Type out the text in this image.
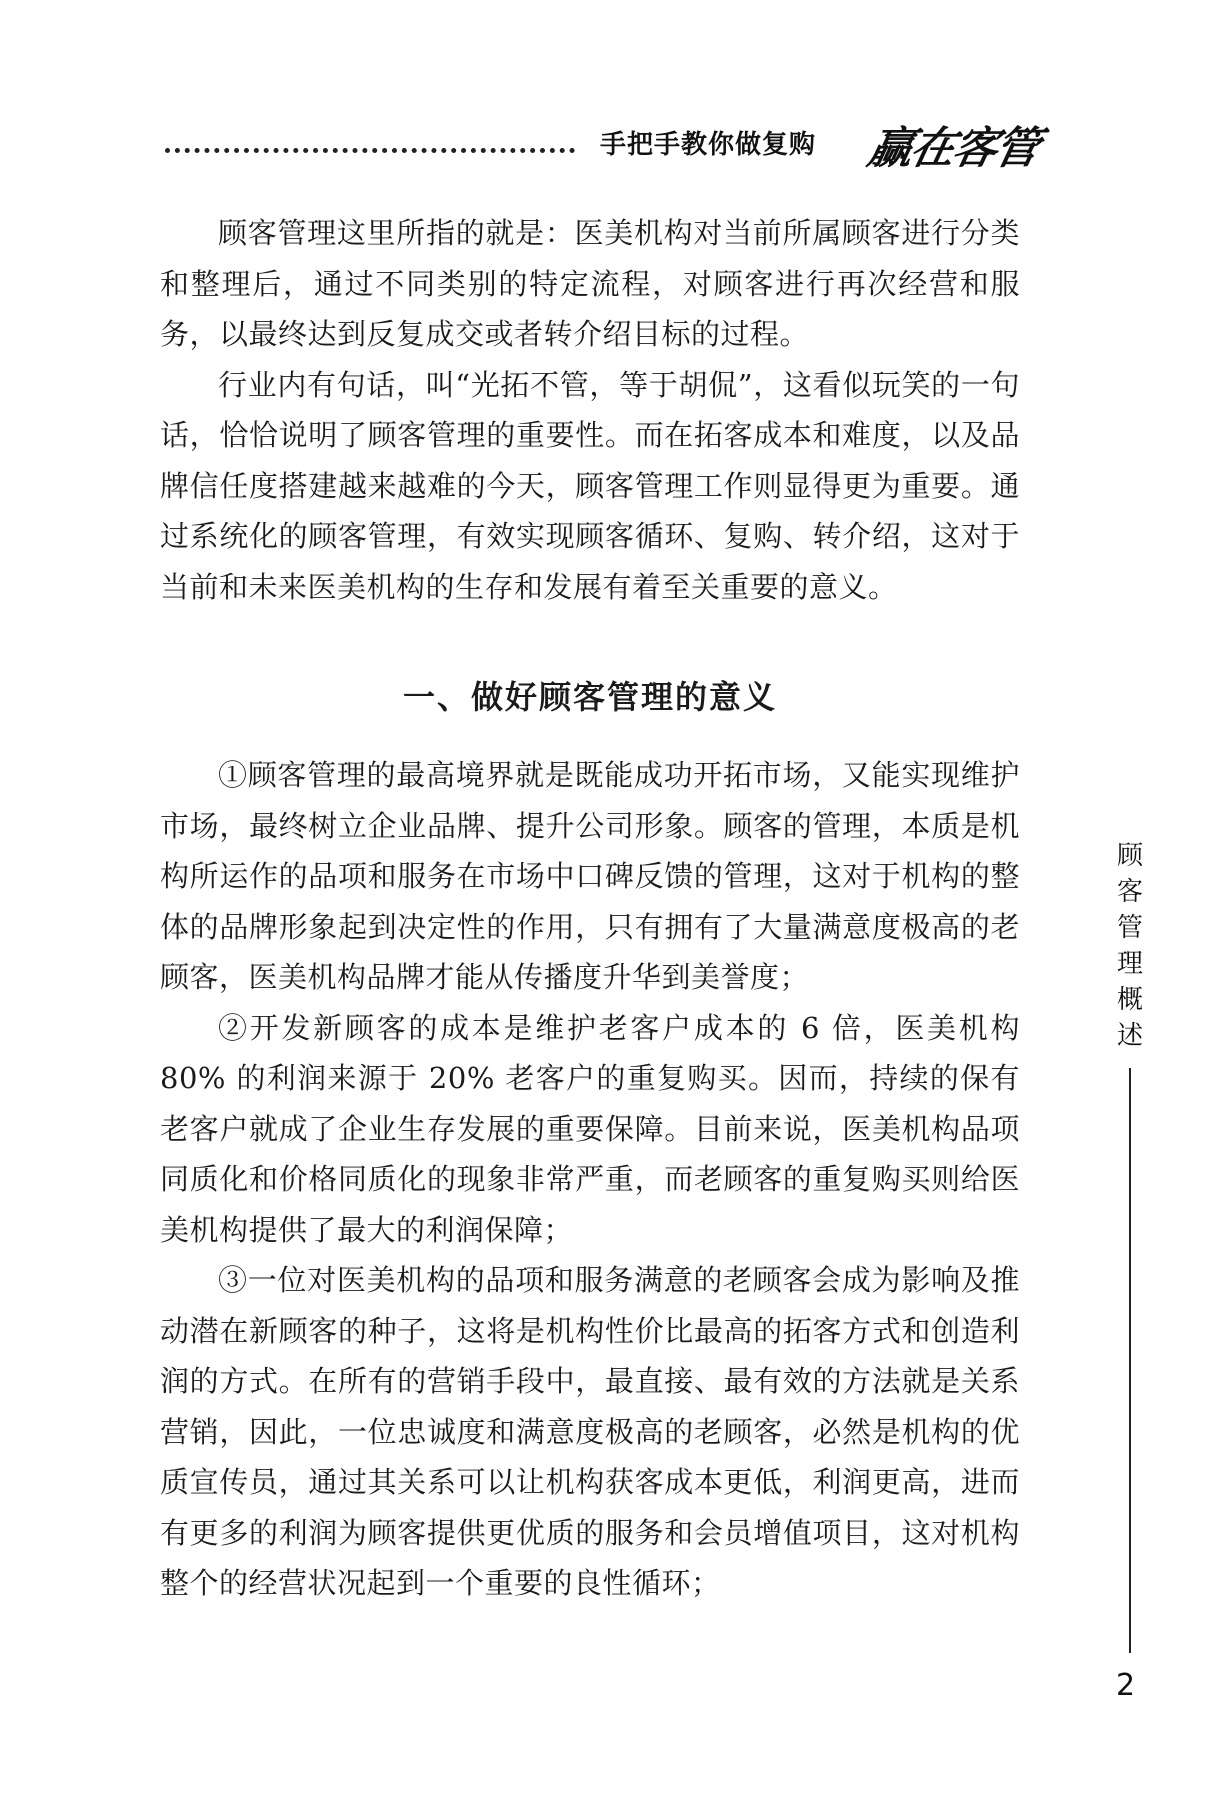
手把手教你做复购 赢在客管

顾客管理这里所指的就是：医美机构对当前所属顾客进行分类和整理后，通过不同类别的特定流程，对顾客进行再次经营和服务，以最终达到反复成交或者转介绍目标的过程。

行业内有句话，叫“光拓不管，等于胡侃”，这看似玩笑的一句话，恰恰说明了顾客管理的重要性。而在拓客成本和难度，以及品牌信任度搭建越来越难的今天，顾客管理工作则显得更为重要。通过系统化的顾客管理，有效实现顾客循环、复购、转介绍，这对于当前和未来医美机构的生存和发展有着至关重要的意义。

一、做好顾客管理的意义

①顾客管理的最高境界就是既能成功开拓市场，又能实现维护市场，最终树立企业品牌、提升公司形象。顾客的管理，本质是机构所运作的品项和服务在市场中口碑反馈的管理，这对于机构的整体的品牌形象起到决定性的作用，只有拥有了大量满意度极高的老顾客，医美机构品牌才能从传播度升华到美誉度；

②开发新顾客的成本是维护老客户成本的 6 倍，医美机构 80% 的利润来源于 20% 老客户的重复购买。因而，持续的保有老客户就成了企业生存发展的重要保障。目前来说，医美机构品项同质化和价格同质化的现象非常严重，而老顾客的重复购买则给医美机构提供了最大的利润保障；

③一位对医美机构的品项和服务满意的老顾客会成为影响及推动潜在新顾客的种子，这将是机构性价比最高的拓客方式和创造利润的方式。在所有的营销手段中，最直接、最有效的方法就是关系营销，因此，一位忠诚度和满意度极高的老顾客，必然是机构的优质宣传员，通过其关系可以让机构获客成本更低，利润更高，进而有更多的利润为顾客提供更优质的服务和会员增值项目，这对机构整个的经营状况起到一个重要的良性循环；

顾
客
管
理
概
述
2
